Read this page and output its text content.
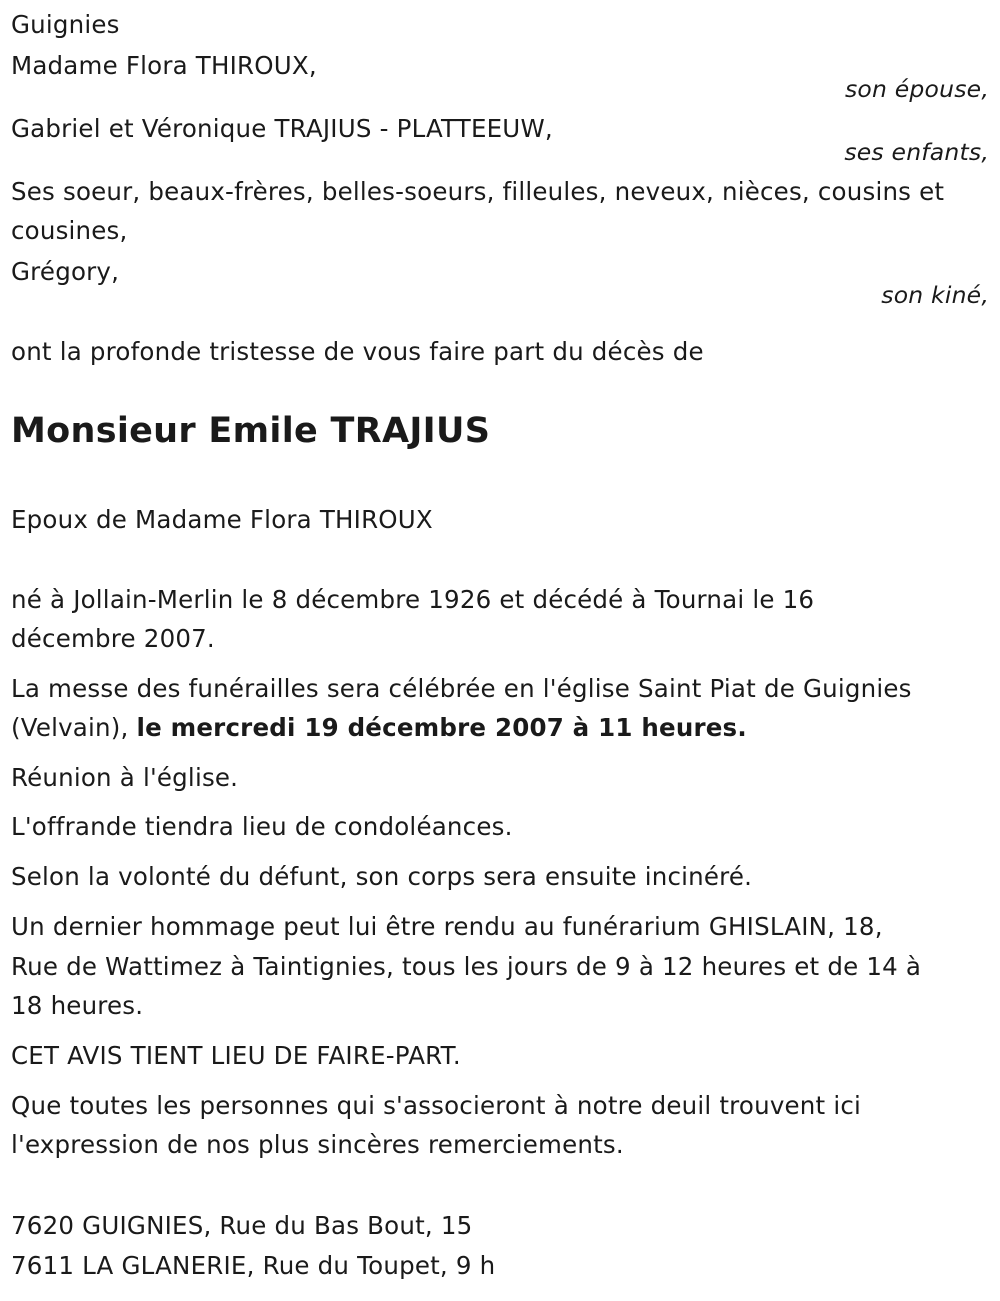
Guignies
Madame Flora THIROUX,
son épouse,
Gabriel et Véronique TRAJIUS - PLATTEEUW,
ses enfants,
Ses soeur, beaux-frères, belles-soeurs, filleules, neveux, nièces, cousins et
cousines,
Grégory,
son kiné,
ont la profonde tristesse de vous faire part du décès de
Monsieur Emile TRAJIUS
Epoux de Madame Flora THIROUX
né à Jollain-Merlin le 8 décembre 1926 et décédé à Tournai le 16
décembre 2007.
La messe des funérailles sera célébrée en l'église Saint Piat de Guignies
(Velvain), le mercredi 19 décembre 2007 à 11 heures.
Réunion à l'église.
L'offrande tiendra lieu de condoléances.
Selon la volonté du défunt, son corps sera ensuite incinéré.
Un dernier hommage peut lui être rendu au funérarium GHISLAIN, 18,
Rue de Wattimez à Taintignies, tous les jours de 9 à 12 heures et de 14 à
18 heures.
CET AVIS TIENT LIEU DE FAIRE-PART.
Que toutes les personnes qui s'associeront à notre deuil trouvent ici
l'expression de nos plus sincères remerciements.
7620 GUIGNIES, Rue du Bas Bout, 15
7611 LA GLANERIE, Rue du Toupet, 9 h
